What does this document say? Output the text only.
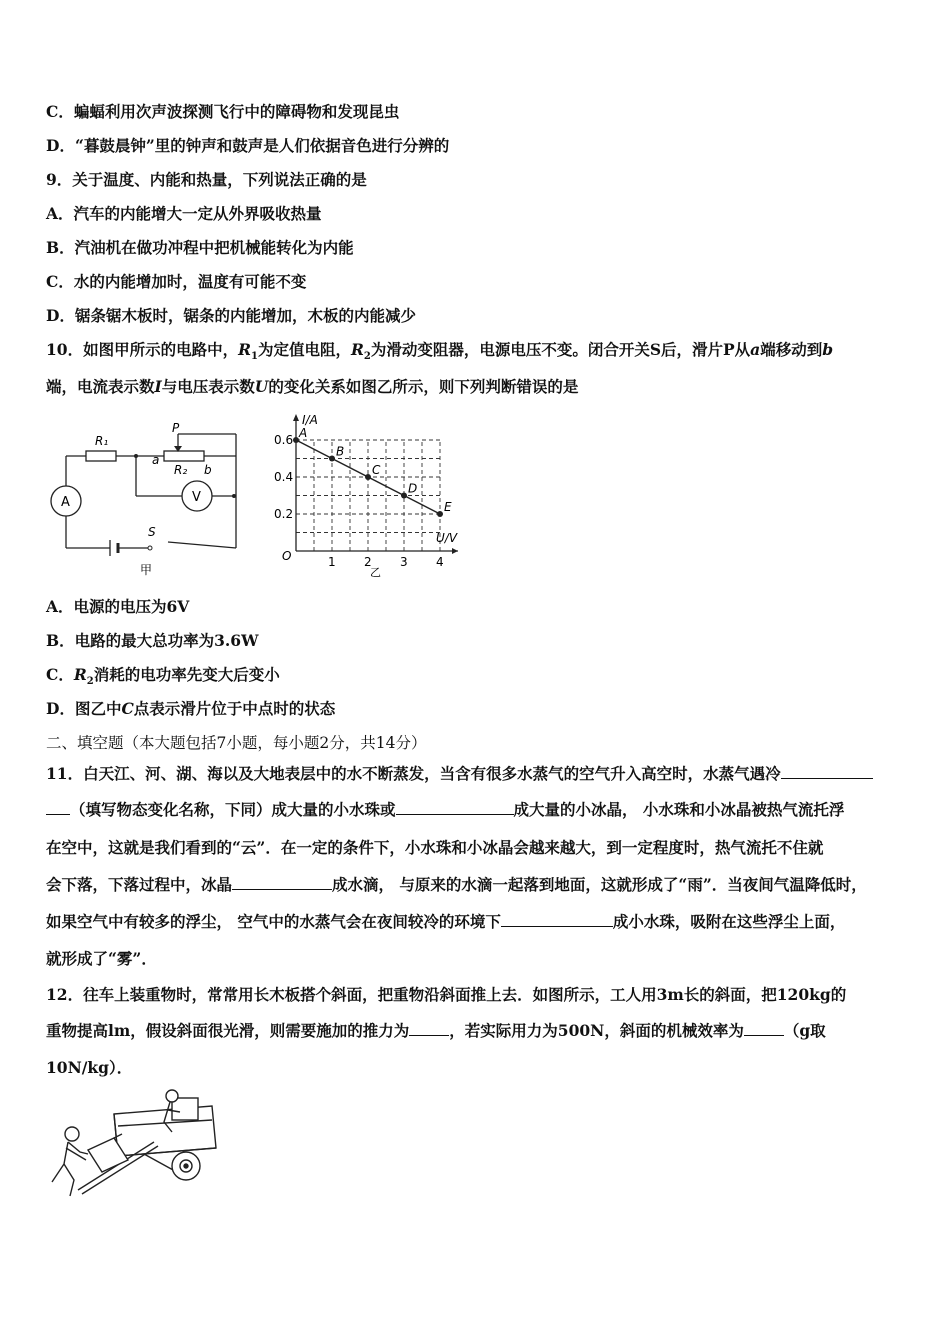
C．蝙蝠利用次声波探测飞行中的障碍物和发现昆虫
D．“暮鼓晨钟”里的钟声和鼓声是人们依据音色进行分辨的
9．关于温度、内能和热量，下列说法正确的是
A．汽车的内能增大一定从外界吸收热量
B．汽油机在做功冲程中把机械能转化为内能
C．水的内能增加时，温度有可能不变
D．锯条锯木板时，锯条的内能增加，木板的内能减少
10．如图甲所示的电路中，$R_1$为定值电阻，$R_2$为滑动变阻器，电源电压不变。闭合开关S后，滑片P从a端移动到b
端，电流表示数I与电压表示数U的变化关系如图乙所示，则下列判断错误的是
R₁
P
a
R₂ b
A	V
S
甲
I/A
U/V
O
乙
1 2 3 4
0.2
0.4
0.6 A
B
C
D
E
A．电源的电压为6V
B．电路的最大总功率为3.6W
C．$R_2$消耗的电功率先变大后变小
D．图乙中C点表示滑片位于中点时的状态
二、填空题（本大题包括7小题，每小题2分，共14分）
11．白天江、河、湖、海以及大地表层中的水不断蒸发，当含有很多水蒸气的空气升入高空时，水蒸气遇冷
（填写物态变化名称，下同）成大量的小水珠或	成大量的小冰晶， 小水珠和小冰晶被热气流托浮
在空中，这就是我们看到的“云”．在一定的条件下，小水珠和小冰晶会越来越大，到一定程度时，热气流托不住就
会下落，下落过程中，冰晶	成水滴， 与原来的水滴一起落到地面，这就形成了“雨”．当夜间气温降低时，
如果空气中有较多的浮尘， 空气中的水蒸气会在夜间较冷的环境下	成小水珠，吸附在这些浮尘上面，
就形成了“雾”．
12．往车上装重物时，常常用长木板搭个斜面，把重物沿斜面推上去．如图所示，工人用3m长的斜面，把120kg的
重物提高lm，假设斜面很光滑，则需要施加的推力为	，若实际用力为500N，斜面的机械效率为	（g取
10N/kg）．
